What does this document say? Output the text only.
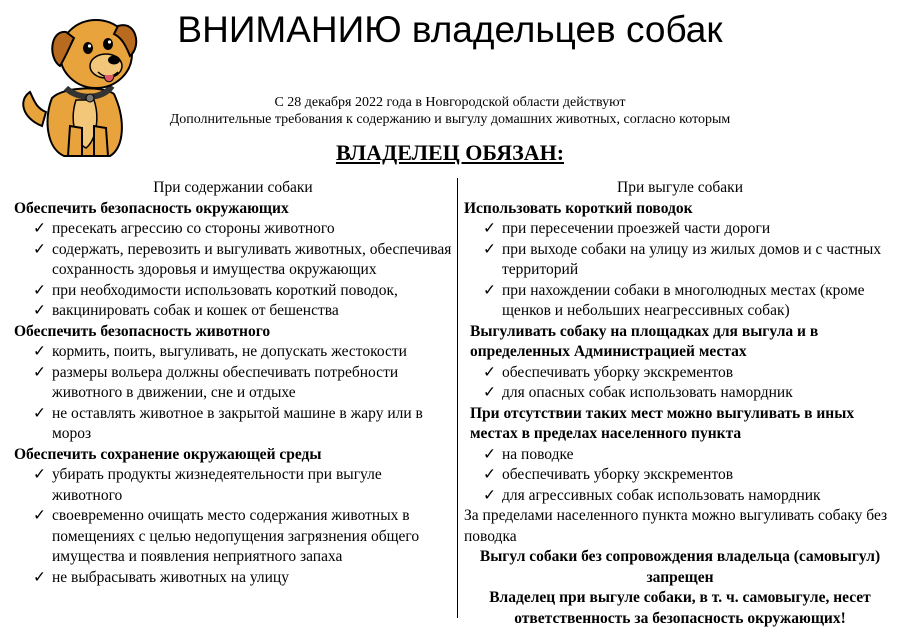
ВНИМАНИЮ владельцев собак
С 28 декабря 2022 года в Новгородской области действуют
Дополнительные требования к содержанию и выгулу домашних животных, согласно которым
ВЛАДЕЛЕЦ ОБЯЗАН:
При содержании собаки
Обеспечить безопасность окружающих
✓ пресекать агрессию со стороны животного
✓ содержать, перевозить и выгуливать животных, обеспечивая сохранность здоровья и имущества окружающих
✓ при необходимости использовать короткий поводок,
✓ вакцинировать собак и кошек от бешенства
Обеспечить безопасность животного
✓ кормить, поить, выгуливать, не допускать жестокости
✓ размеры вольера должны обеспечивать потребности животного в движении, сне и отдыхе
✓ не оставлять животное в закрытой машине в жару или в мороз
Обеспечить сохранение окружающей среды
✓ убирать продукты жизнедеятельности при выгуле животного
✓ своевременно очищать место содержания животных в помещениях с целью недопущения загрязнения общего имущества и появления неприятного запаха
✓ не выбрасывать животных на улицу
При выгуле собаки
Использовать короткий поводок
✓ при пересечении проезжей части дороги
✓ при выходе собаки на улицу из жилых домов и с частных территорий
✓ при нахождении собаки в многолюдных местах (кроме щенков и небольших неагрессивных собак)
Выгуливать собаку на площадках для выгула и в определенных Администрацией местах
✓ обеспечивать уборку экскрементов
✓ для опасных собак использовать намордник
При отсутствии таких мест можно выгуливать в иных местах в пределах населенного пункта
✓ на поводке
✓ обеспечивать уборку экскрементов
✓ для агрессивных собак использовать намордник
За пределами населенного пункта можно выгуливать собаку без поводка
Выгул собаки без сопровождения владельца (самовыгул) запрещен
Владелец при выгуле собаки, в т. ч. самовыгуле, несет ответственность за безопасность окружающих!
